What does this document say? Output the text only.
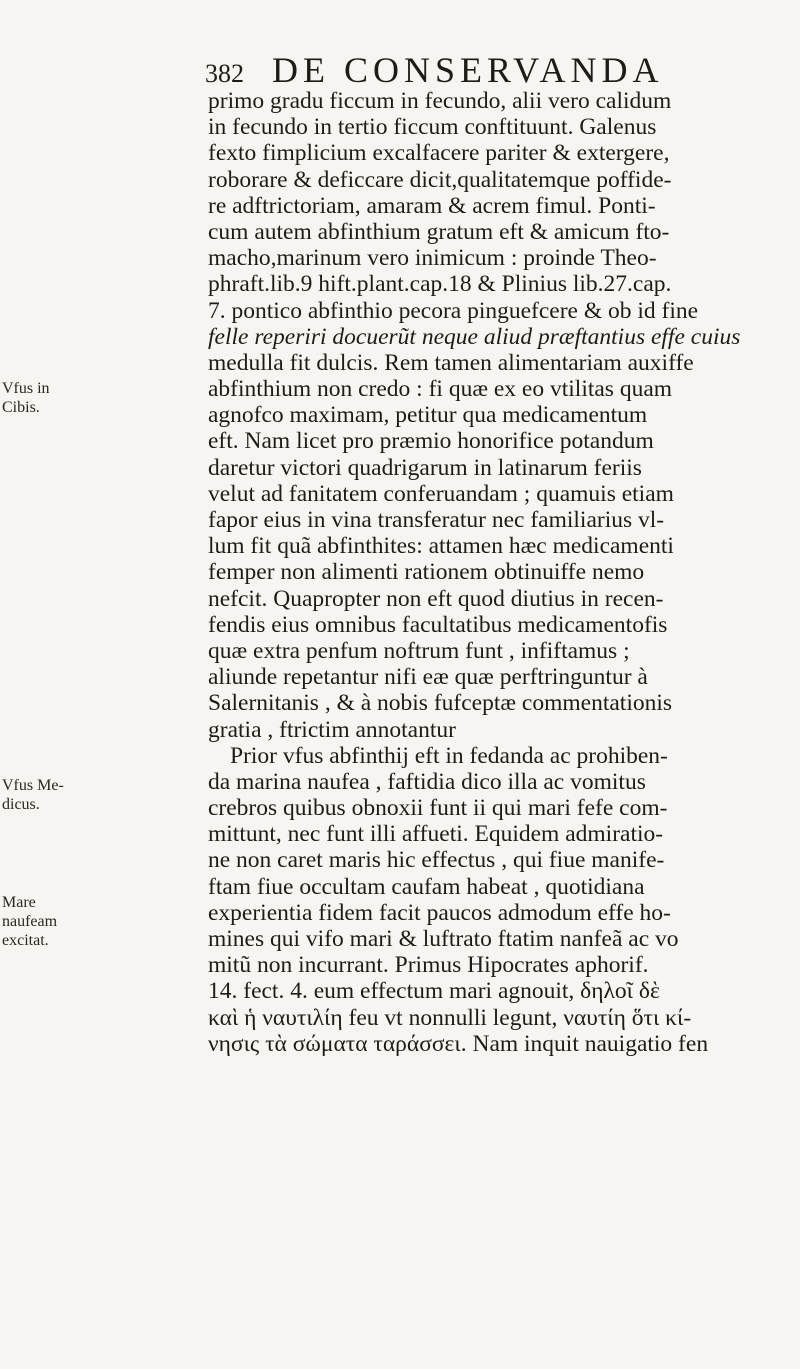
382 DE CONSERVANDA
primo gradu ficcum in fecundo, alii vero calidum
in fecundo in tertio ficcum conftituunt. Galenus
fexto fimplicium excalfacere pariter & extergere,
roborare & deficcare dicit,qualitatemque poffide-
re adftrictoriam, amaram & acrem fimul. Ponti-
cum autem abfinthium gratum eft & amicum fto-
macho,marinum vero inimicum : proinde Theo-
phraft.lib.9 hift.plant.cap.18 & Plinius lib.27.cap.
7. pontico abfinthio pecora pinguefcere & ob id fine
felle reperiri docuerũt neque aliud præftantius effe cuius
medulla fit dulcis. Rem tamen alimentariam auxiffe
abfinthium non credo : fi quæ ex eo vtilitas quam
agnofco maximam, petitur qua medicamentum
eft. Nam licet pro præmio honorifice potandum
daretur victori quadrigarum in latinarum feriis
velut ad fanitatem conferuandam ; quamuis etiam
fapor eius in vina transferatur nec familiarius vl-
lum fit quã abfinthites: attamen hæc medicamenti
femper non alimenti rationem obtinuiffe nemo
nefcit. Quapropter non eft quod diutius in recen-
fendis eius omnibus facultatibus medicamentofis
quæ extra penfum noftrum funt , infiftamus ;
aliunde repetantur nifi eæ quæ perftringuntur à
Salernitanis , & à nobis fufceptæ commentationis
gratia , ftrictim annotantur
Prior vfus abfinthij eft in fedanda ac prohiben-
da marina naufea , faftidia dico illa ac vomitus
crebros quibus obnoxii funt ii qui mari fefe com-
mittunt, nec funt illi affueti. Equidem admiratio-
ne non caret maris hic effectus , qui fiue manife-
ftam fiue occultam caufam habeat , quotidiana
experientia fidem facit paucos admodum effe ho-
mines qui vifo mari & luftrato ftatim nanfeã ac vo
mitũ non incurrant. Primus Hipocrates aphorif.
14. fect. 4. eum effectum mari agnouit, δηλοῖ δὲ
καὶ ἡ ναυτιλίη feu vt nonnulli legunt, ναυτίη ὅτι κί-
νησις τὰ σώματα ταράσσει. Nam inquit nauigatio fen
Vfus in
Cibis.
Vfus Me-
dicus.
Mare
naufeam
excitat.
